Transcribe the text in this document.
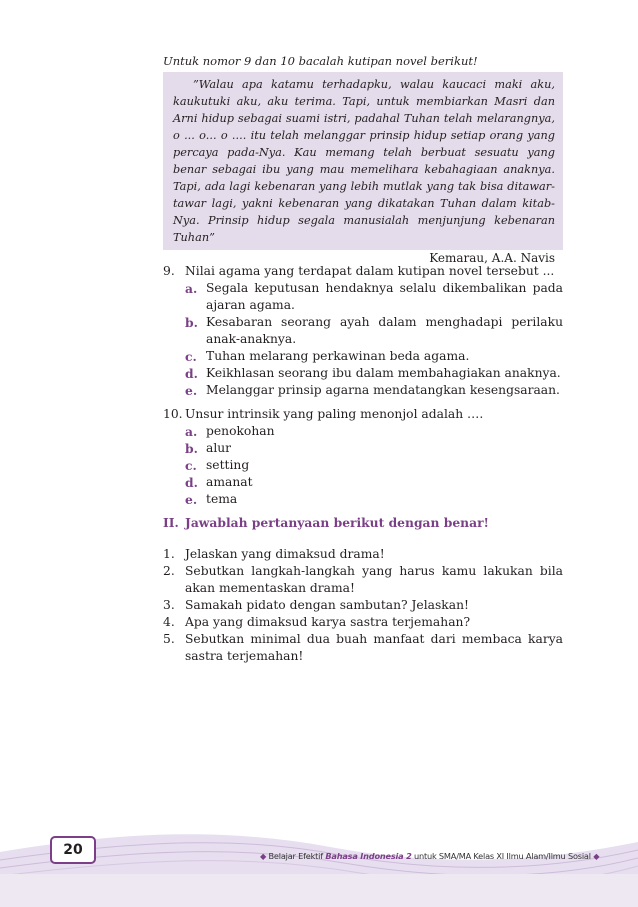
Untuk nomor 9 dan 10 bacalah kutipan novel berikut!

”Walau apa katamu terhadapku, walau kaucaci maki aku, kaukutuki aku, aku terima. Tapi, untuk membiarkan Masri dan Arni hidup sebagai suami istri, padahal Tuhan telah melarangnya, o ... o... o .... itu telah melanggar prinsip hidup setiap orang yang percaya pada-Nya. Kau memang telah berbuat sesuatu yang benar sebagai ibu yang mau memelihara kebahagiaan anaknya. Tapi, ada lagi kebenaran yang lebih mutlak yang tak bisa ditawar-tawar lagi, yakni kebenaran yang dikatakan Tuhan dalam kitab-Nya. Prinsip hidup segala manusialah menjunjung kebenaran Tuhan”

Kemarau, A.A. Navis
9. Nilai agama yang terdapat dalam kutipan novel tersebut ...
a. Segala keputusan hendaknya selalu dikembalikan pada ajaran agama.
b. Kesabaran seorang ayah dalam menghadapi perilaku anak-anaknya.
c. Tuhan melarang perkawinan beda agama.
d. Keikhlasan seorang ibu dalam membahagiakan anaknya.
e. Melanggar prinsip agarna mendatangkan kesengsaraan.
10. Unsur intrinsik yang paling menonjol adalah ….
a. penokohan
b. alur
c. setting
d. amanat
e. tema
II. Jawablah pertanyaan berikut dengan benar!
1. Jelaskan yang dimaksud drama!
2. Sebutkan langkah-langkah yang harus kamu lakukan bila akan mementaskan drama!
3. Samakah pidato dengan sambutan? Jelaskan!
4. Apa yang dimaksud karya sastra terjemahan?
5. Sebutkan minimal dua buah manfaat dari membaca karya sastra terjemahan!
20	◆ Belajar Efektif Bahasa Indonesia 2 untuk SMA/MA Kelas XI Ilmu Alam/Ilmu Sosial ◆
